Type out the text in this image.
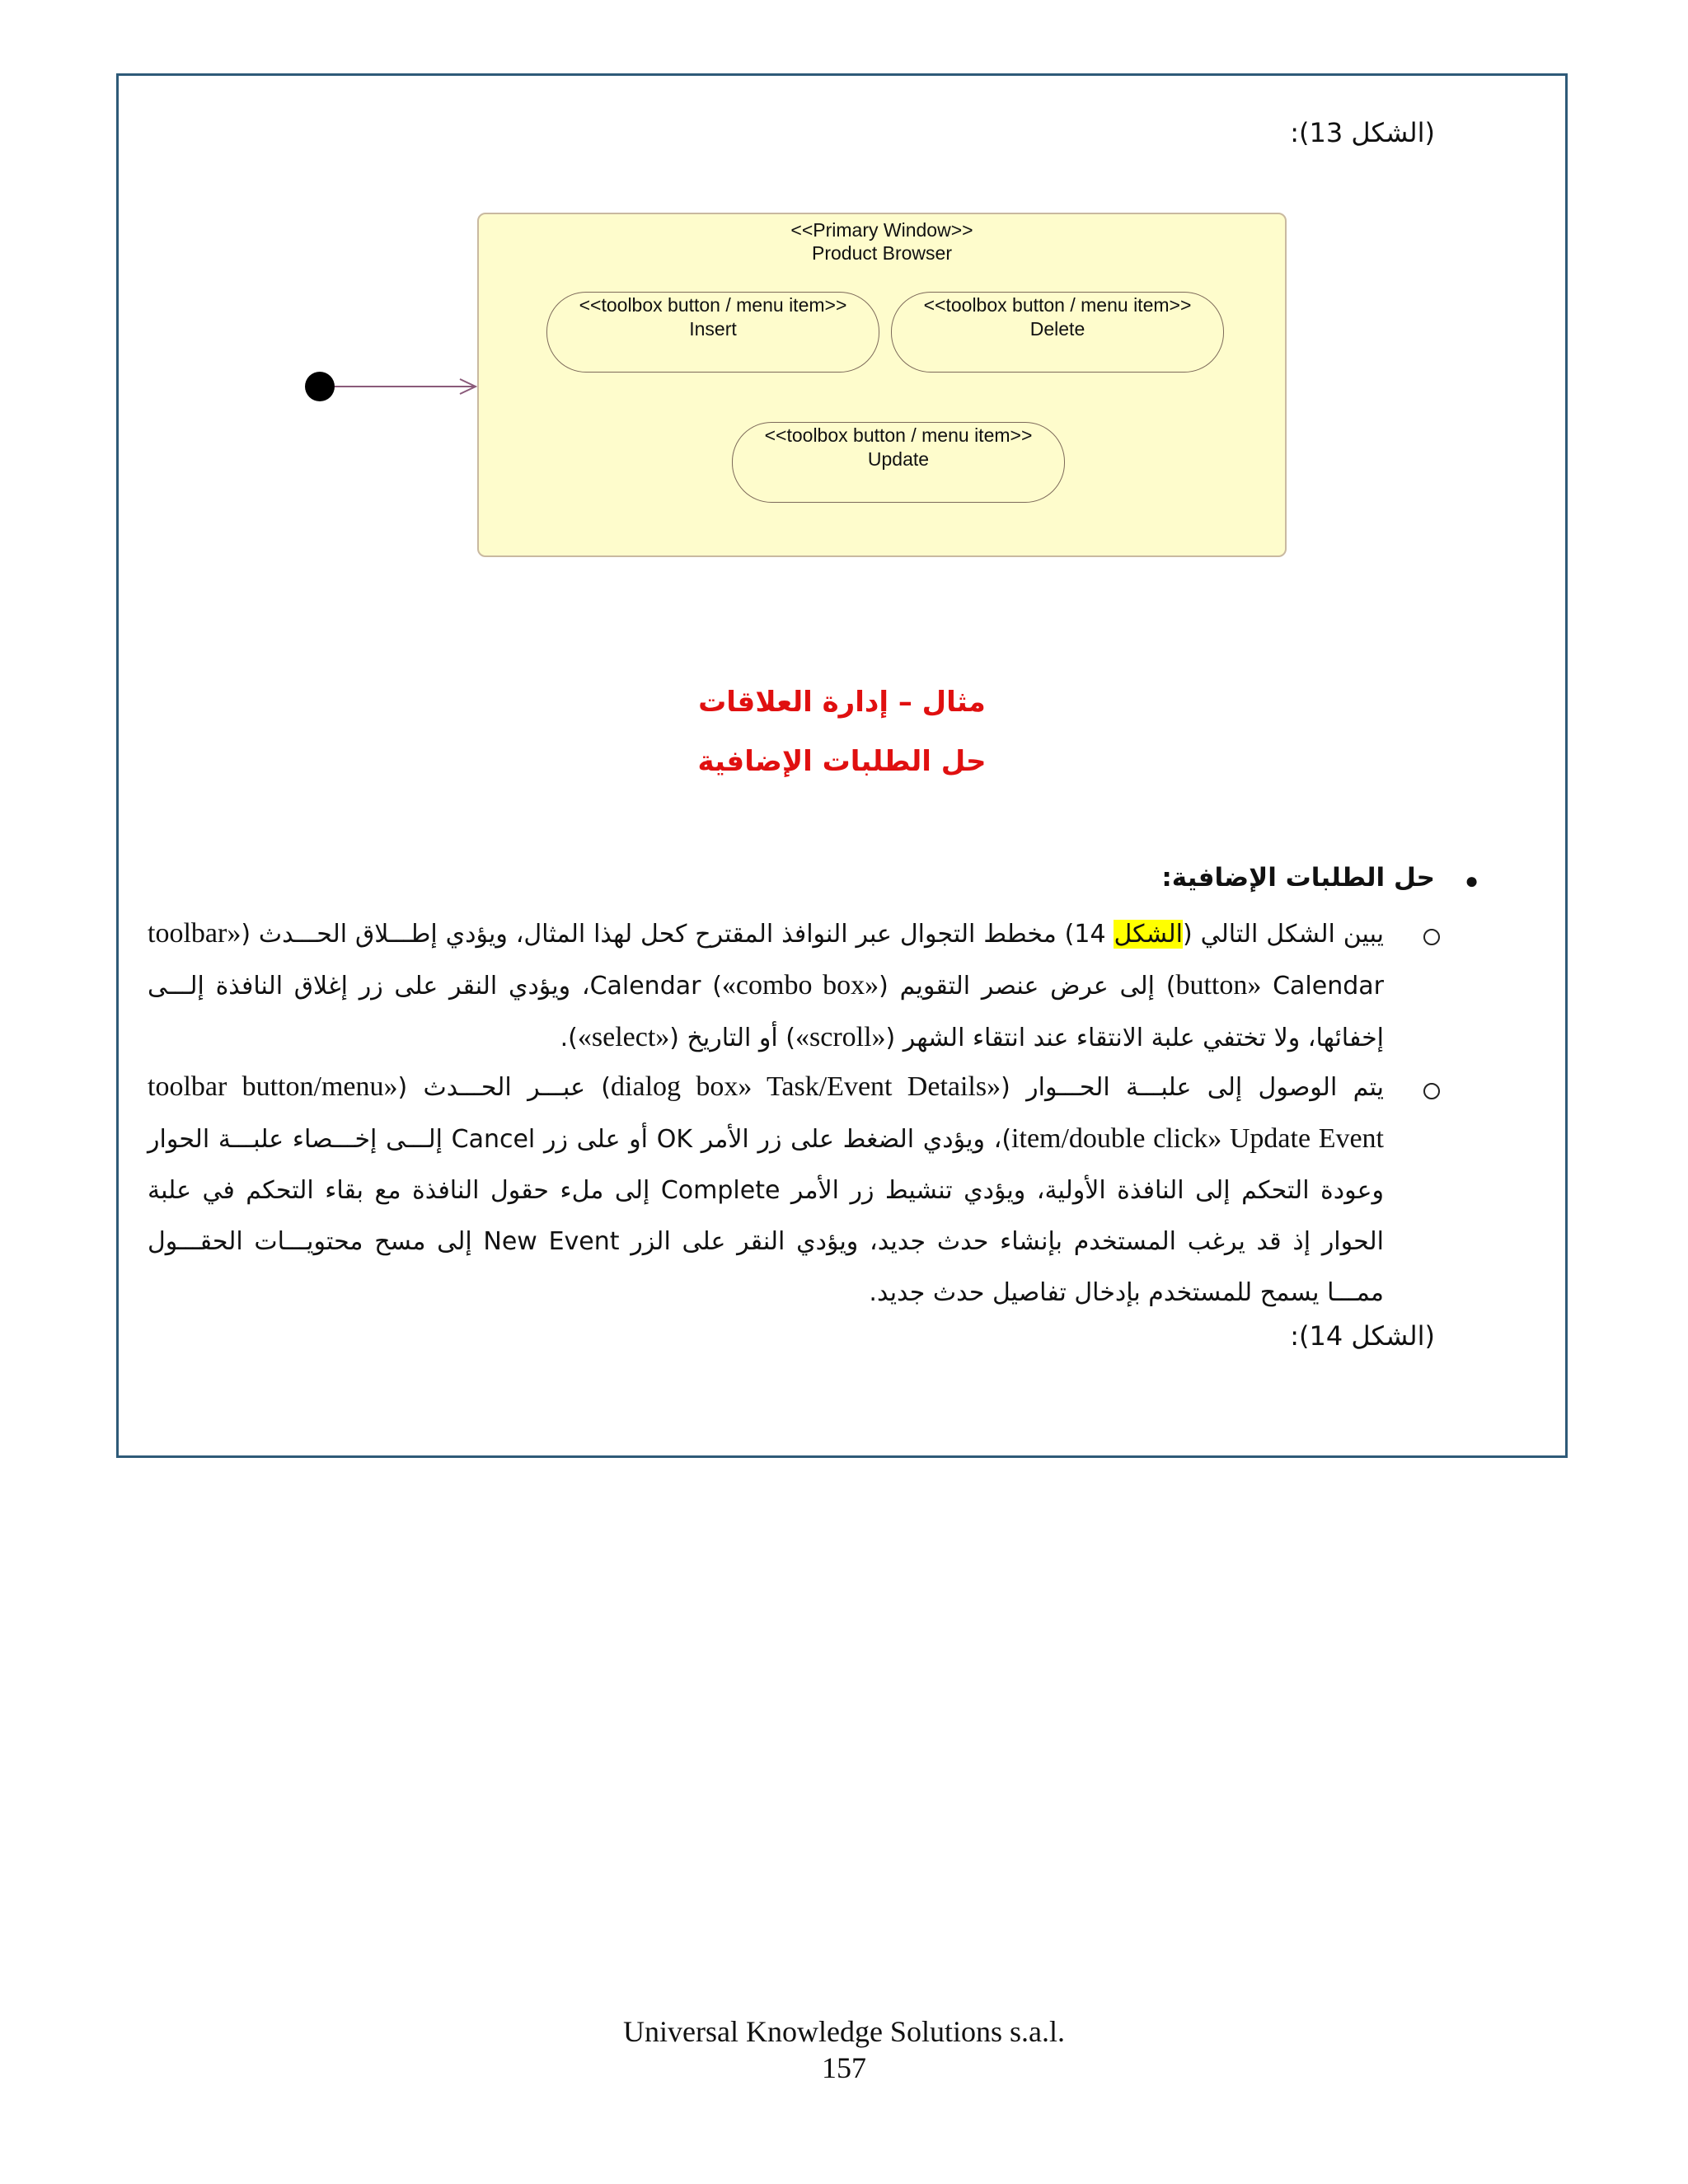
(الشكل 13):
<<Primary Window>>
Product Browser
<<toolbox button / menu item>>
Insert
<<toolbox button / menu item>>
Delete
<<toolbox button / menu item>>
Update
مثال – إدارة العلاقات
حل الطلبات الإضافية
●
حل الطلبات الإضافية:
يبين الشكل التالي (الشكل 14) مخطط التجوال عبر النوافذ المقترح كحل لهذا المثال، ويؤدي إطـــلاق الحـــدث («toolbar button» Calendar) إلى عرض عنصر التقويم Calendar («combo box»)، ويؤدي النقر على زر إغلاق النافذة إلـــى إخفائها، ولا تختفي علبة الانتقاء عند انتقاء الشهر («scroll») أو التاريخ («select»).
يتم الوصول إلى علبـــة الحـــوار («dialog box» Task/Event Details) عبـــر الحـــدث («toolbar button/menu item/double click» Update Event)، ويؤدي الضغط على زر الأمر OK أو على زر Cancel إلـــى إخـــصاء علبـــة الحوار وعودة التحكم إلى النافذة الأولية، ويؤدي تنشيط زر الأمر Complete إلى ملء حقول النافذة مع بقاء التحكم في علبة الحوار إذ قد يرغب المستخدم بإنشاء حدث جديد، ويؤدي النقر على الزر New Event إلى مسح محتويـــات الحقـــول ممـــا يسمح للمستخدم بإدخال تفاصيل حدث جديد.
(الشكل 14):
Universal Knowledge Solutions s.a.l.
157
